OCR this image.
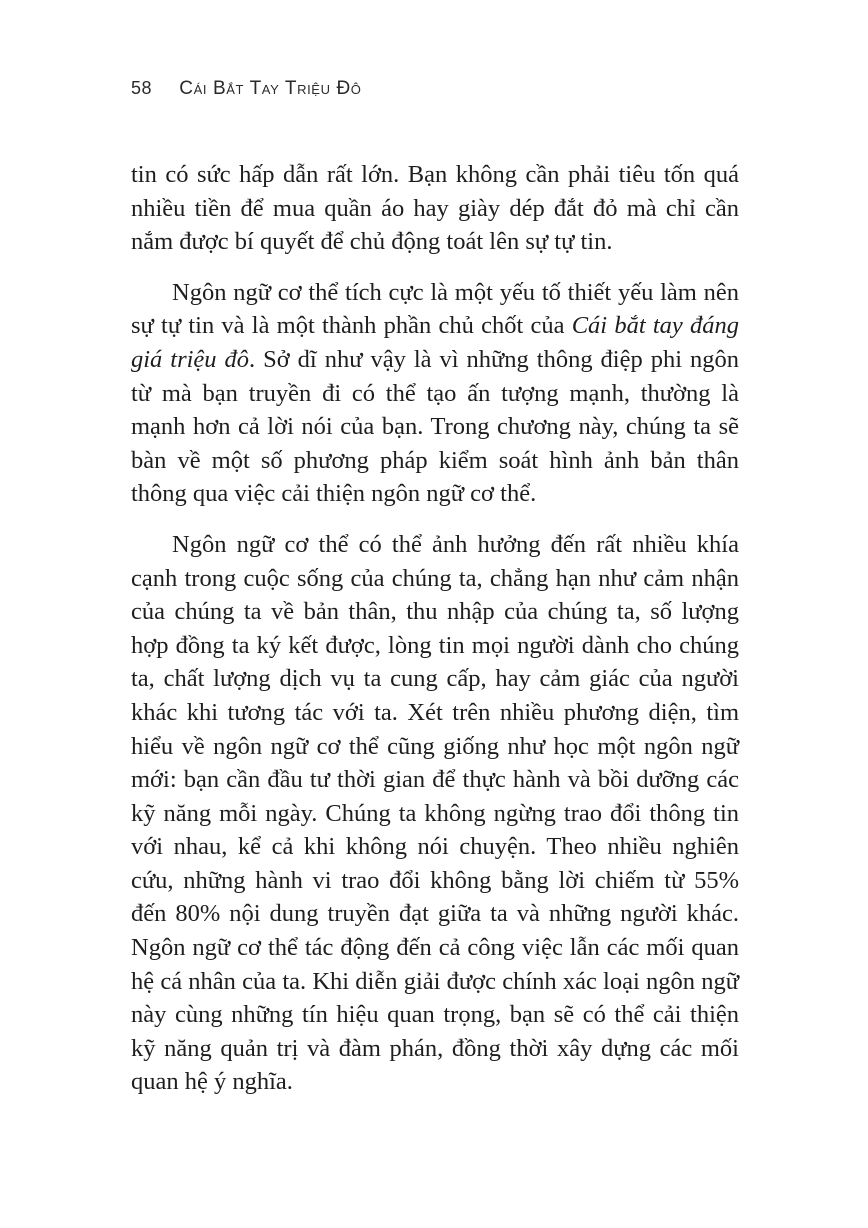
58 Cái Bắt Tay Triệu Đô

tin có sức hấp dẫn rất lớn. Bạn không cần phải tiêu tốn quá nhiều tiền để mua quần áo hay giày dép đắt đỏ mà chỉ cần nắm được bí quyết để chủ động toát lên sự tự tin.

Ngôn ngữ cơ thể tích cực là một yếu tố thiết yếu làm nên sự tự tin và là một thành phần chủ chốt của Cái bắt tay đáng giá triệu đô. Sở dĩ như vậy là vì những thông điệp phi ngôn từ mà bạn truyền đi có thể tạo ấn tượng mạnh, thường là mạnh hơn cả lời nói của bạn. Trong chương này, chúng ta sẽ bàn về một số phương pháp kiểm soát hình ảnh bản thân thông qua việc cải thiện ngôn ngữ cơ thể.

Ngôn ngữ cơ thể có thể ảnh hưởng đến rất nhiều khía cạnh trong cuộc sống của chúng ta, chẳng hạn như cảm nhận của chúng ta về bản thân, thu nhập của chúng ta, số lượng hợp đồng ta ký kết được, lòng tin mọi người dành cho chúng ta, chất lượng dịch vụ ta cung cấp, hay cảm giác của người khác khi tương tác với ta. Xét trên nhiều phương diện, tìm hiểu về ngôn ngữ cơ thể cũng giống như học một ngôn ngữ mới: bạn cần đầu tư thời gian để thực hành và bồi dưỡng các kỹ năng mỗi ngày. Chúng ta không ngừng trao đổi thông tin với nhau, kể cả khi không nói chuyện. Theo nhiều nghiên cứu, những hành vi trao đổi không bằng lời chiếm từ 55% đến 80% nội dung truyền đạt giữa ta và những người khác. Ngôn ngữ cơ thể tác động đến cả công việc lẫn các mối quan hệ cá nhân của ta. Khi diễn giải được chính xác loại ngôn ngữ này cùng những tín hiệu quan trọng, bạn sẽ có thể cải thiện kỹ năng quản trị và đàm phán, đồng thời xây dựng các mối quan hệ ý nghĩa.
